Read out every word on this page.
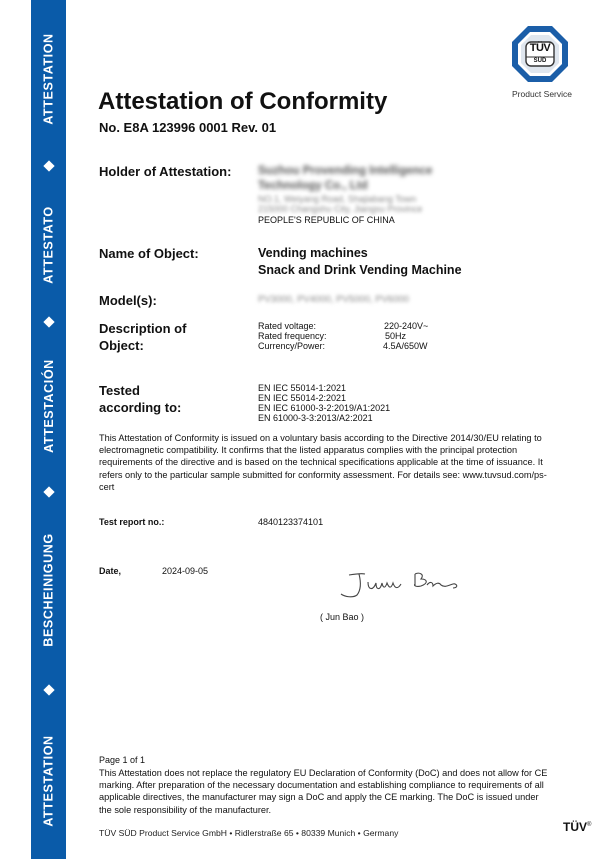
ATTESTATION
ATTESTATO
ATTESTACIÓN
BESCHEINIGUNG
ATTESTATION
TÜV
SÜD
Product Service
Attestation of Conformity
No. E8A 123996 0001 Rev. 01
Holder of Attestation: Suzhou Provending Intelligence
Technology Co., Ltd
NO.1, Weiyang Road, Shajiabang Town
215000 Changshu City, Jiangsu Province
PEOPLE'S REPUBLIC OF CHINA
Name of Object:	Vending machines
Snack and Drink Vending Machine
Model(s):	PV3000, PV4000, PV5000, PV6000
Description of
Object:
Rated voltage:	220-240V~
Rated frequency:	50Hz
Currency/Power:	4.5A/650W
Tested
according to:
EN IEC 55014-1:2021
EN IEC 55014-2:2021
EN IEC 61000-3-2:2019/A1:2021
EN 61000-3-3:2013/A2:2021
This Attestation of Conformity is issued on a voluntary basis according to the Directive 2014/30/EU relating to electromagnetic compatibility. It confirms that the listed apparatus complies with the principal protection requirements of the directive and is based on the technical specifications applicable at the time of issuance. It refers only to the particular sample submitted for conformity assessment. For details see: www.tuvsud.com/ps-cert
Test report no.:	4840123374101
Date,	2024-09-05
( Jun Bao )
Page 1 of 1
This Attestation does not replace the regulatory EU Declaration of Conformity (DoC) and does not allow for CE marking. After preparation of the necessary documentation and establishing compliance to requirements of all applicable directives, the manufacturer may sign a DoC and apply the CE marking. The DoC is issued under the sole responsibility of the manufacturer.
TÜV SÜD Product Service GmbH • Ridlerstraße 65 • 80339 Munich • Germany	TÜV®
